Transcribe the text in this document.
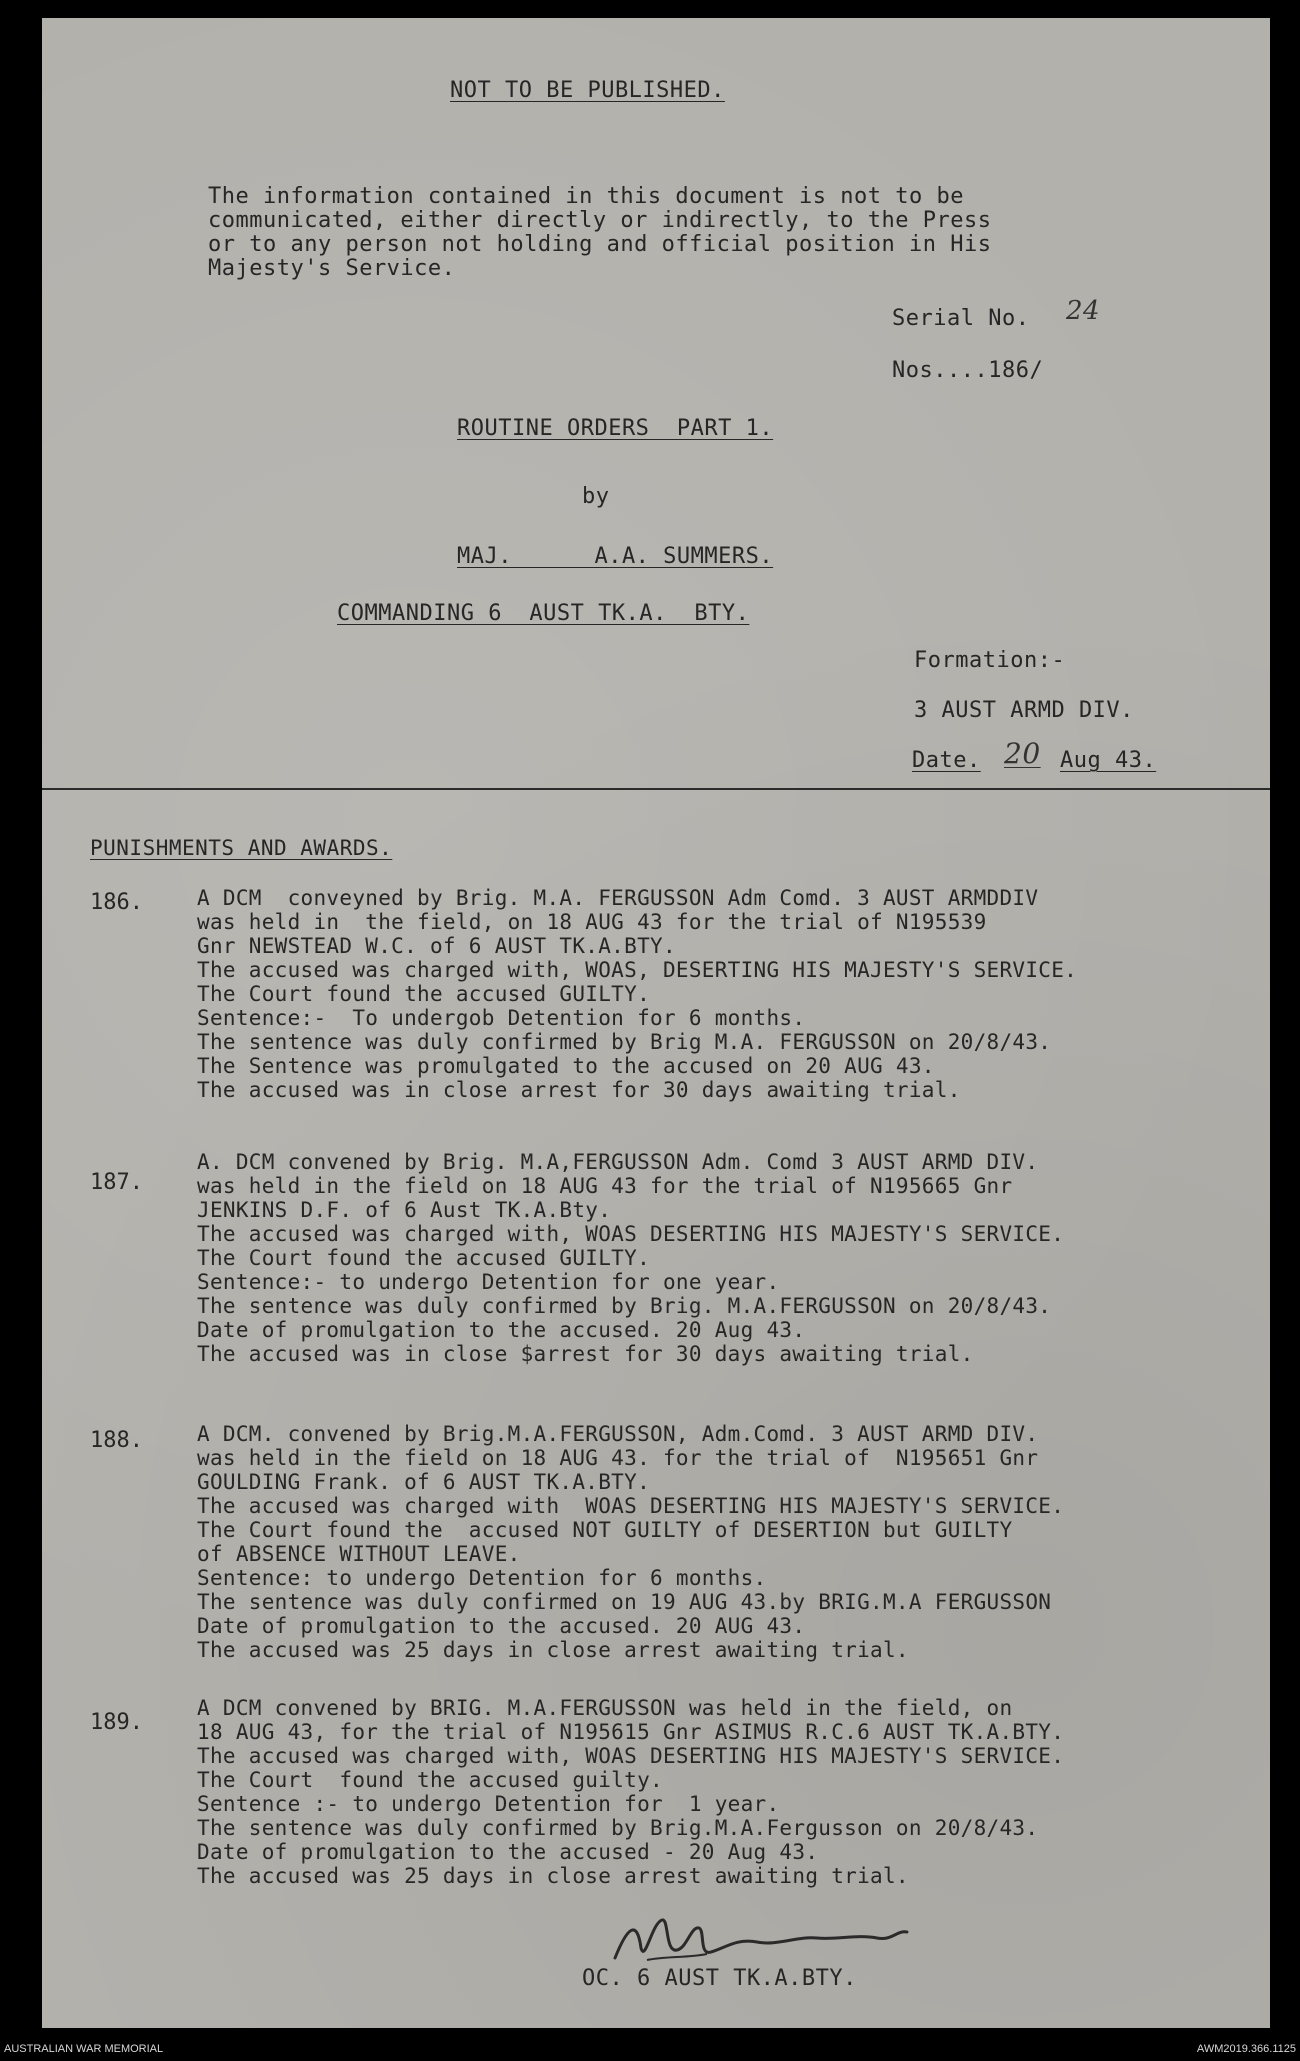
NOT TO BE PUBLISHED.
The information contained in this document is not to be
communicated, either directly or indirectly, to the Press
or to any person not holding and official position in His
Majesty's Service.
Serial No. 24
Nos....186/
ROUTINE ORDERS  PART 1.
by
MAJ.      A.A. SUMMERS.
COMMANDING 6  AUST TK.A.  BTY.
Formation:-
3 AUST ARMD DIV.
Date. 20 Aug 43.
PUNISHMENTS AND AWARDS.
186.	A DCM  conveyned by Brig. M.A. FERGUSSON Adm Comd. 3 AUST ARMDDIV
was held in  the field, on 18 AUG 43 for the trial of N195539
Gnr NEWSTEAD W.C. of 6 AUST TK.A.BTY.
The accused was charged with, WOAS, DESERTING HIS MAJESTY'S SERVICE.
The Court found the accused GUILTY.
Sentence:-  To undergob Detention for 6 months.
The sentence was duly confirmed by Brig M.A. FERGUSSON on 20/8/43.
The Sentence was promulgated to the accused on 20 AUG 43.
The accused was in close arrest for 30 days awaiting trial.
187.
A. DCM convened by Brig. M.A,FERGUSSON Adm. Comd 3 AUST ARMD DIV.
was held in the field on 18 AUG 43 for the trial of N195665 Gnr
JENKINS D.F. of 6 Aust TK.A.Bty.
The accused was charged with, WOAS DESERTING HIS MAJESTY'S SERVICE.
The Court found the accused GUILTY.
Sentence:- to undergo Detention for one year.
The sentence was duly confirmed by Brig. M.A.FERGUSSON on 20/8/43.
Date of promulgation to the accused. 20 Aug 43.
The accused was in close $arrest for 30 days awaiting trial.
188.	A DCM. convened by Brig.M.A.FERGUSSON, Adm.Comd. 3 AUST ARMD DIV.
was held in the field on 18 AUG 43. for the trial of  N195651 Gnr
GOULDING Frank. of 6 AUST TK.A.BTY.
The accused was charged with  WOAS DESERTING HIS MAJESTY'S SERVICE.
The Court found the  accused NOT GUILTY of DESERTION but GUILTY
of ABSENCE WITHOUT LEAVE.
Sentence: to undergo Detention for 6 months.
The sentence was duly confirmed on 19 AUG 43.by BRIG.M.A FERGUSSON
Date of promulgation to the accused. 20 AUG 43.
The accused was 25 days in close arrest awaiting trial.
189.
A DCM convened by BRIG. M.A.FERGUSSON was held in the field, on
18 AUG 43, for the trial of N195615 Gnr ASIMUS R.C.6 AUST TK.A.BTY.
The accused was charged with, WOAS DESERTING HIS MAJESTY'S SERVICE.
The Court  found the accused guilty.
Sentence :- to undergo Detention for  1 year.
The sentence was duly confirmed by Brig.M.A.Fergusson on 20/8/43.
Date of promulgation to the accused - 20 Aug 43.
The accused was 25 days in close arrest awaiting trial.
OC. 6 AUST TK.A.BTY.
AUSTRALIAN WAR MEMORIAL	AWM2019.366.1125
